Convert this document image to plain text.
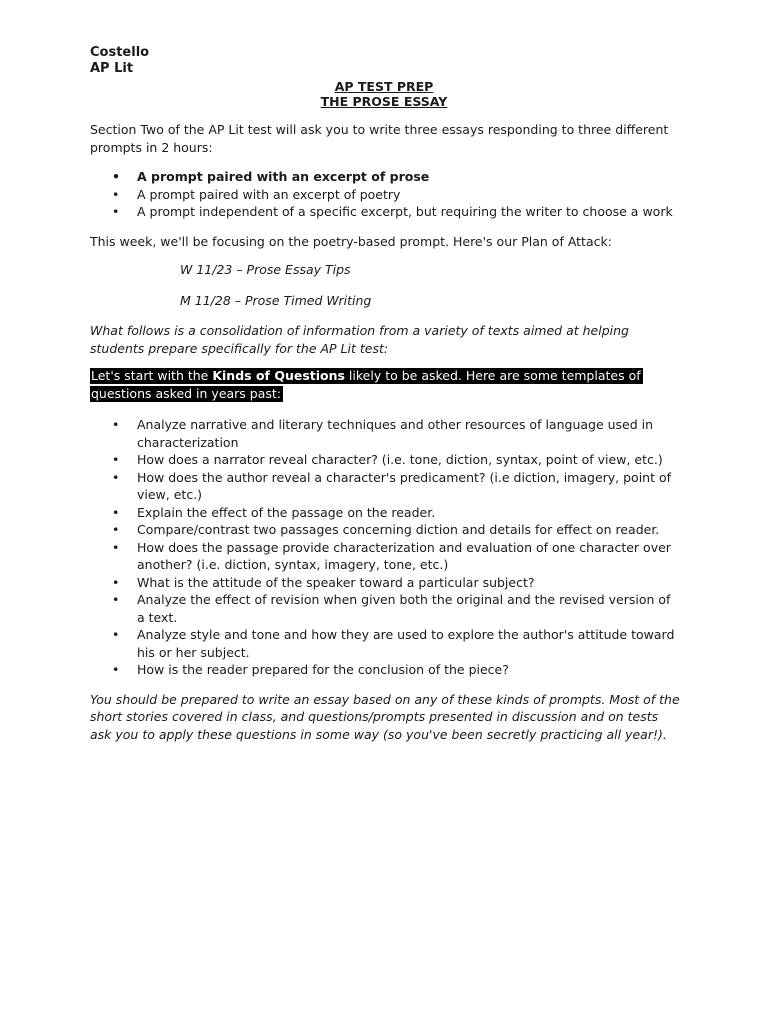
Costello
AP Lit
AP TEST PREP
THE PROSE ESSAY

Section Two of the AP Lit test will ask you to write three essays responding to three different prompts in 2 hours:

• A prompt paired with an excerpt of prose
• A prompt paired with an excerpt of poetry
• A prompt independent of a specific excerpt, but requiring the writer to choose a work

This week, we'll be focusing on the poetry-based prompt. Here's our Plan of Attack:

W 11/23 – Prose Essay Tips

M 11/28 – Prose Timed Writing

What follows is a consolidation of information from a variety of texts aimed at helping students prepare specifically for the AP Lit test:

Let's start with the Kinds of Questions likely to be asked. Here are some templates of questions asked in years past:

• Analyze narrative and literary techniques and other resources of language used in characterization
• How does a narrator reveal character? (i.e. tone, diction, syntax, point of view, etc.)
• How does the author reveal a character's predicament? (i.e diction, imagery, point of view, etc.)
• Explain the effect of the passage on the reader.
• Compare/contrast two passages concerning diction and details for effect on reader.
• How does the passage provide characterization and evaluation of one character over another? (i.e. diction, syntax, imagery, tone, etc.)
• What is the attitude of the speaker toward a particular subject?
• Analyze the effect of revision when given both the original and the revised version of a text.
• Analyze style and tone and how they are used to explore the author's attitude toward his or her subject.
• How is the reader prepared for the conclusion of the piece?

You should be prepared to write an essay based on any of these kinds of prompts. Most of the short stories covered in class, and questions/prompts presented in discussion and on tests ask you to apply these questions in some way (so you've been secretly practicing all year!).
